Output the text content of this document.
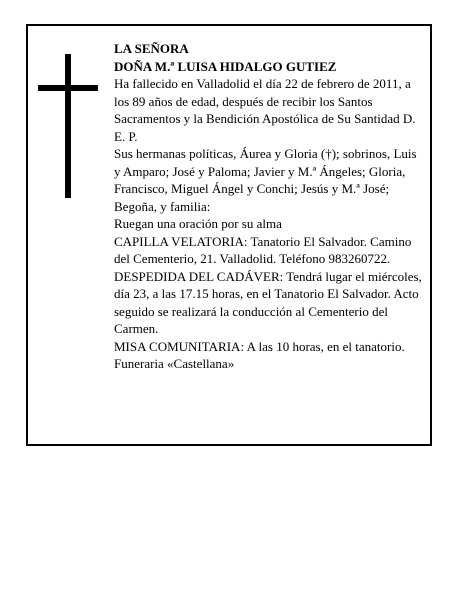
LA SEÑORA

DOÑA M.ª LUISA HIDALGO GUTIEZ

Ha fallecido en Valladolid el día 22 de febrero de 2011, a los 89 años de edad, después de recibir los Santos Sacramentos y la Bendición Apostólica de Su Santidad D. E. P.

Sus hermanas políticas, Áurea y Gloria (†); sobrinos, Luis y Amparo; José y Paloma; Javier y M.ª Ángeles; Gloria, Francisco, Miguel Ángel y Conchi; Jesús y M.ª José; Begoña, y familia:

Ruegan una oración por su alma

CAPILLA VELATORIA: Tanatorio El Salvador. Camino del Cementerio, 21. Valladolid. Teléfono 983260722.

DESPEDIDA DEL CADÁVER: Tendrá lugar el miércoles, día 23, a las 17.15 horas, en el Tanatorio El Salvador. Acto seguido se realizará la conducción al Cementerio del Carmen.

MISA COMUNITARIA: A las 10 horas, en el tanatorio.

Funeraria «Castellana»
